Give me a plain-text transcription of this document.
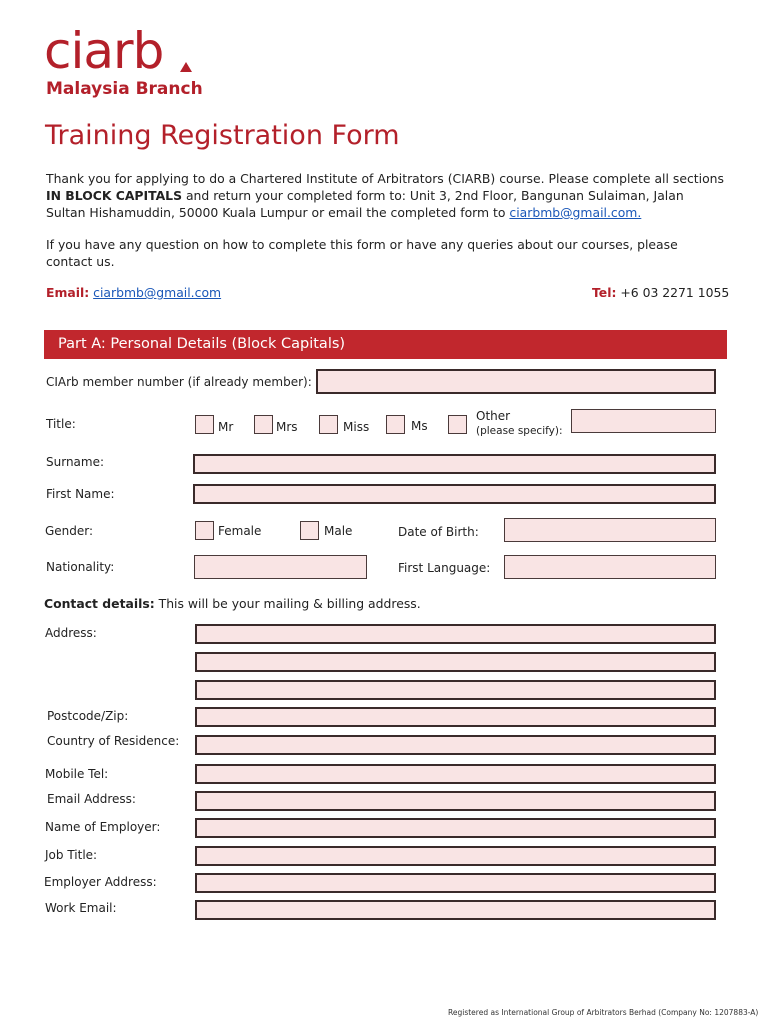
ciarb
Malaysia Branch
Training Registration Form
Thank you for applying to do a Chartered Institute of Arbitrators (CIARB) course. Please complete all sections IN BLOCK CAPITALS and return your completed form to: Unit 3, 2nd Floor, Bangunan Sulaiman, Jalan Sultan Hishamuddin, 50000 Kuala Lumpur or email the completed form to ciarbmb@gmail.com.
If you have any question on how to complete this form or have any queries about our courses, please contact us.
Email: ciarbmb@gmail.com	Tel: +6 03 2271 1055
Part A: Personal Details (Block Capitals)
CIArb member number (if already member):
Title:	Mr	Mrs	Miss	Ms
Other
(please specify):
Surname:
First Name:
Gender:	Female	Male	Date of Birth:
Nationality:	First Language:
Contact details: This will be your mailing & billing address.
Address:
Postcode/Zip:
Country of Residence:
Mobile Tel:
Email Address:
Name of Employer:
Job Title:
Employer Address:
Work Email:
Registered as International Group of Arbitrators Berhad (Company No: 1207883-A)
